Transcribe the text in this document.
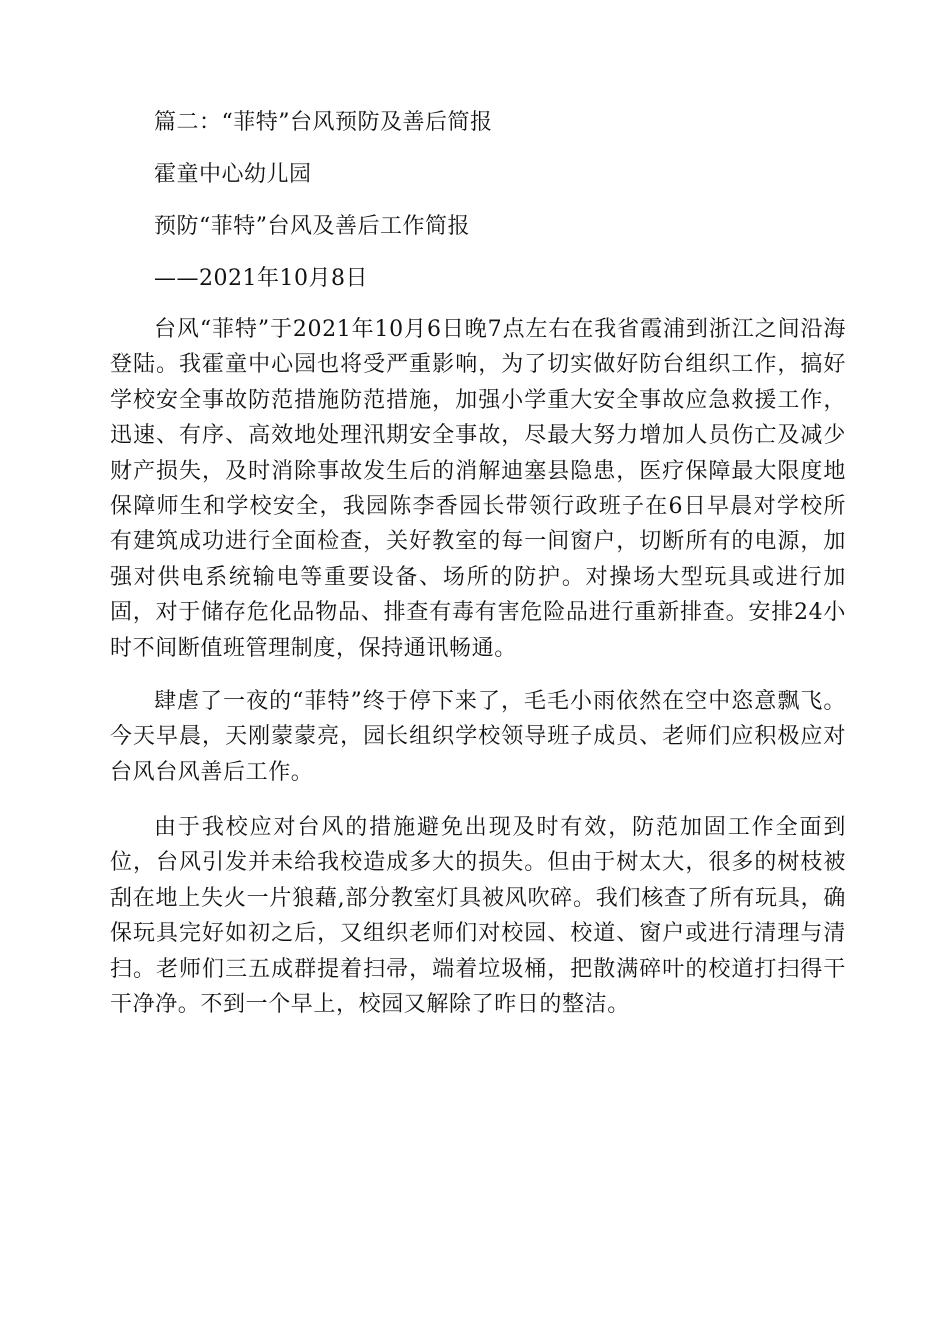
篇二：“菲特”台风预防及善后简报
霍童中心幼儿园
预防“菲特”台风及善后工作简报
——2021年10月8日

台风“菲特”于2021年10月6日晚7点左右在我省霞浦到浙江之间沿海登陆。我霍童中心园也将受严重影响，为了切实做好防台组织工作，搞好学校安全事故防范措施防范措施，加强小学重大安全事故应急救援工作，迅速、有序、高效地处理汛期安全事故，尽最大努力增加人员伤亡及减少财产损失，及时消除事故发生后的消解迪塞县隐患，医疗保障最大限度地保障师生和学校安全，我园陈李香园长带领行政班子在6日早晨对学校所有建筑成功进行全面检查，关好教室的每一间窗户，切断所有的电源，加强对供电系统输电等重要设备、场所的防护。对操场大型玩具或进行加固，对于储存危化品物品、排查有毒有害危险品进行重新排查。安排24小时不间断值班管理制度，保持通讯畅通。

肆虐了一夜的“菲特”终于停下来了，毛毛小雨依然在空中恣意飘飞。今天早晨，天刚蒙蒙亮，园长组织学校领导班子成员、老师们应积极应对台风台风善后工作。

由于我校应对台风的措施避免出现及时有效，防范加固工作全面到位，台风引发并未给我校造成多大的损失。但由于树太大，很多的树枝被刮在地上失火一片狼藉,部分教室灯具被风吹碎。我们核查了所有玩具，确保玩具完好如初之后，又组织老师们对校园、校道、窗户或进行清理与清扫。老师们三五成群提着扫帚，端着垃圾桶，把散满碎叶的校道打扫得干干净净。不到一个早上，校园又解除了昨日的整洁。
